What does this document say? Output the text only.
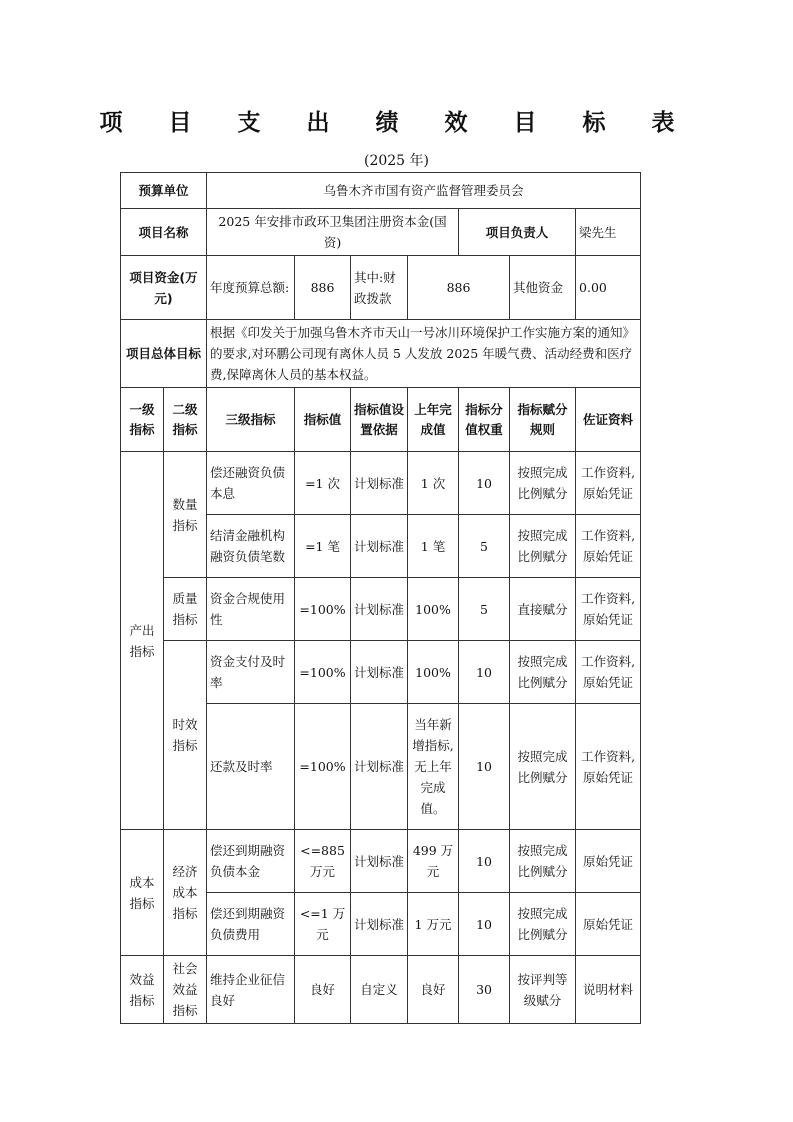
项 目 支 出 绩 效 目 标 表
(2025 年)
预算单位		乌鲁木齐市国有资产监督管理委员会						
项目名称		2025 年安排市政环卫集团注册资本金(国资)				项目负责人		梁先生
项目资金(万元)		年度预算总额:	886	其中:财政拨款	886		其他资金	0.00
项目总体目标		根据《印发关于加强乌鲁木齐市天山一号冰川环境保护工作实施方案的通知》的要求,对环鹏公司现有离休人员 5 人发放 2025 年暖气费、活动经费和医疗费,保障离休人员的基本权益。						
一级指标	二级指标	三级指标	指标值	指标值设置依据	上年完成值	指标分值权重	指标赋分规则	佐证资料
产出指标	数量指标	偿还融资负债本息	=1 次	计划标准	1 次	10	按照完成比例赋分	工作资料,原始凭证
		结清金融机构融资负债笔数	=1 笔	计划标准	1 笔	5	按照完成比例赋分	工作资料,原始凭证
	质量指标	资金合规使用性	=100%	计划标准	100%	5	直接赋分	工作资料,原始凭证
	时效指标	资金支付及时率	=100%	计划标准	100%	10	按照完成比例赋分	工作资料,原始凭证
		还款及时率	=100%	计划标准	当年新增指标,无上年完成值。	10	按照完成比例赋分	工作资料,原始凭证
成本指标	经济成本指标	偿还到期融资负债本金	<=885 万元	计划标准	499 万元	10	按照完成比例赋分	原始凭证
		偿还到期融资负债费用	<=1 万元	计划标准	1 万元	10	按照完成比例赋分	原始凭证
效益指标	社会效益指标	维持企业征信良好	良好	自定义	良好	30	按评判等级赋分	说明材料
